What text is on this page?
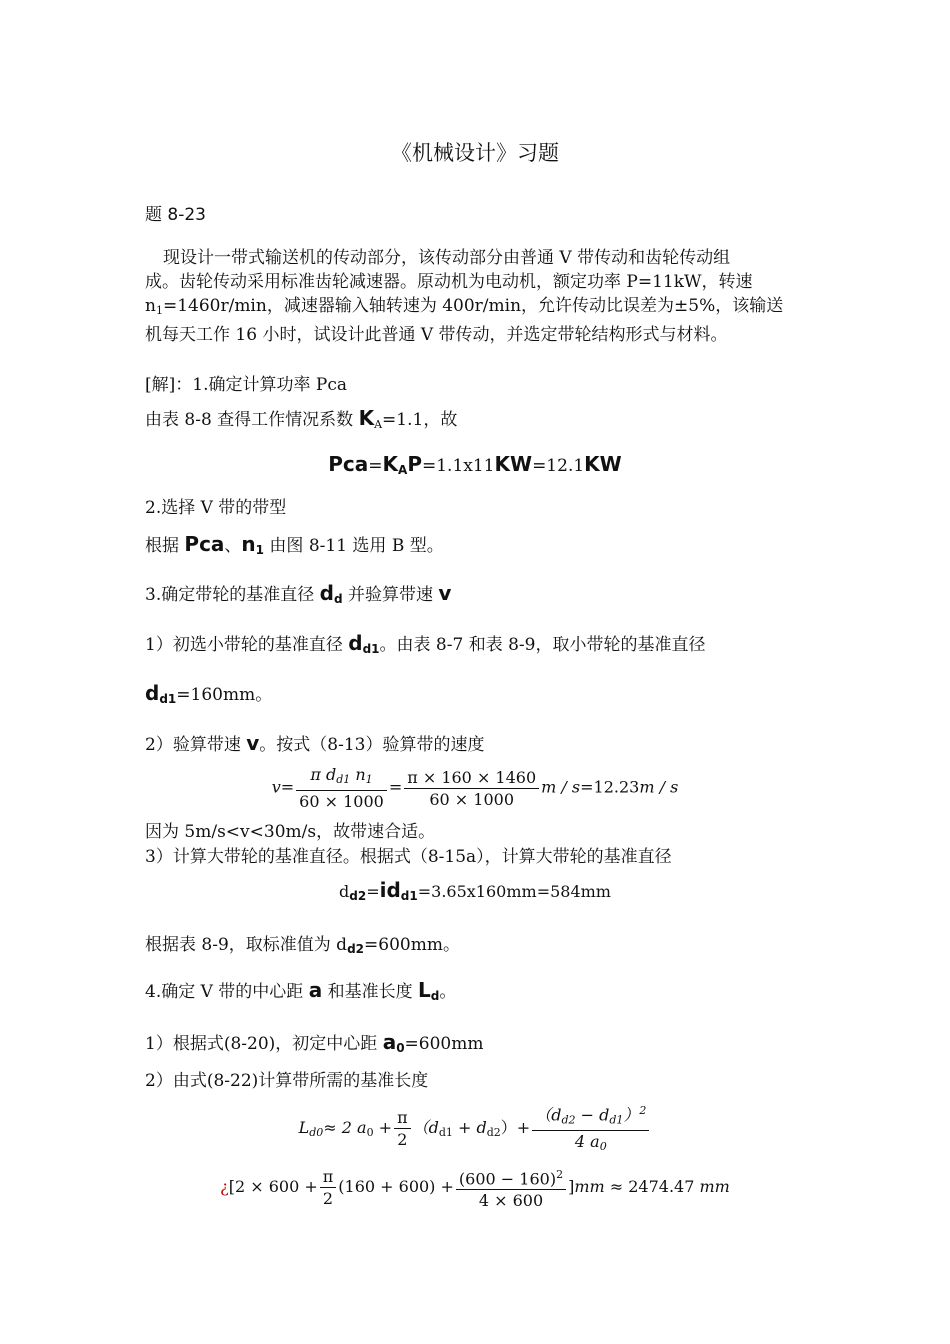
《机械设计》习题
题 8-23
现设计一带式输送机的传动部分，该传动部分由普通 V 带传动和齿轮传动组
成。齿轮传动采用标准齿轮减速器。原动机为电动机，额定功率 P=11kW，转速
$n_1=1460r/\min$，减速器输入轴转速为 400r/min，允许传动比误差为±5%，该输送
机每天工作 16 小时，试设计此普通 V 带传动，并选定带轮结构形式与材料。
[解]：1.确定计算功率 Pca
由表 8-8 查得工作情况系数 $K_A=1.1$，故
$Pca=K_AP=1.1x11KW=12.1KW$
2.选择 V 带的带型
根据 Pca、$n_1$ 由图 8-11 选用 B 型。
3.确定带轮的基准直径 $d_d$ 并验算带速 v
1）初选小带轮的基准直径 $d_{d1}$。由表 8-7 和表 8-9，取小带轮的基准直径
$d_{d1}=160mm$。
2）验算带速 v。按式（8-13）验算带的速度
$v= \frac{\pi d_{d1} n_1}{60 \times 1000} = \frac{\pi \times 160 \times 1460}{60 \times 1000}$ m / s=12.23m / s
因为 5m/s<v<30m/s，故带速合适。
3）计算大带轮的基准直径。根据式（8-15a），计算大带轮的基准直径
$d_{d2}=id_{d1}=3.65x160mm=584mm$
根据表 8-9，取标准值为 $d_{d2}=600mm$。
4.确定 V 带的中心距 a 和基准长度 $L_d$。
1）根据式(8-20)，初定中心距 $a_0=600mm$
2）由式(8-22)计算带所需的基准长度
$L_{d0}\approx 2$ $a_0 + \frac{\pi}{2} (d_{d1} + d_{d2})+ \frac{(d_{d2} - d_{d1})^2}{4 a_0}$
¿$[2 \times 600 + \frac{\pi}{2} (160 + 600) + \frac{(600 - 160)^2}{4 \times 600} ]mm \approx 2474.47$ mm
